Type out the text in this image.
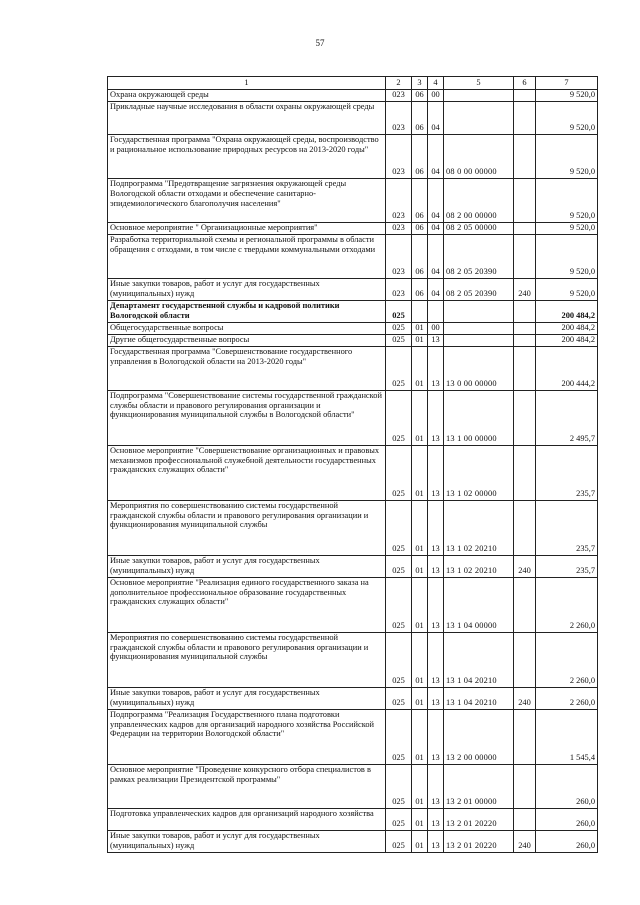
57
1	2	3	4	5	6	7
Охрана окружающей среды	023	06	00			9 520,0
Прикладные научные исследования в области охраны окружающей среды	023	06	04			9 520,0
Государственная программа "Охрана окружающей среды, воспроизводство и рациональное использование природных ресурсов на 2013-2020 годы"	023	06	04	08 0 00 00000		9 520,0
Подпрограмма "Предотвращение загрязнения окружающей среды Вологодской области отходами и обеспечение санитарно-эпидемиологического благополучия населения"	023	06	04	08 2 00 00000		9 520,0
Основное мероприятие " Организационные мероприятия"	023	06	04	08 2 05 00000		9 520,0
Разработка территориальной схемы и региональной программы в области обращения с отходами, в том числе с твердыми коммунальными отходами	023	06	04	08 2 05 20390		9 520,0
Иные закупки товаров, работ и услуг для государственных (муниципальных) нужд	023	06	04	08 2 05 20390	240	9 520,0
Департамент государственной службы и кадровой политики Вологодской области	025					200 484,2
Общегосударственные вопросы	025	01	00			200 484,2
Другие общегосударственные вопросы	025	01	13			200 484,2
Государственная программа "Совершенствование государственного управления в Вологодской области на 2013-2020 годы"	025	01	13	13 0 00 00000		200 444,2
Подпрограмма "Совершенствование системы государственной гражданской службы области и правового регулирования организации и функционирования муниципальной службы в Вологодской области"	025	01	13	13 1 00 00000		2 495,7
Основное мероприятие "Совершенствование организационных и правовых механизмов профессиональной служебной деятельности государственных гражданских служащих области"	025	01	13	13 1 02 00000		235,7
Мероприятия по совершенствованию системы государственной гражданской службы области и правового регулирования организации и функционирования муниципальной службы	025	01	13	13 1 02 20210		235,7
Иные закупки товаров, работ и услуг для государственных (муниципальных) нужд	025	01	13	13 1 02 20210	240	235,7
Основное мероприятие "Реализация единого государственного заказа на дополнительное профессиональное образование государственных гражданских служащих области"	025	01	13	13 1 04 00000		2 260,0
Мероприятия по совершенствованию системы государственной гражданской службы области и правового регулирования организации и функционирования муниципальной службы	025	01	13	13 1 04 20210		2 260,0
Иные закупки товаров, работ и услуг для государственных (муниципальных) нужд	025	01	13	13 1 04 20210	240	2 260,0
Подпрограмма "Реализация Государственного плана подготовки управленческих кадров для организаций народного хозяйства Российской Федерации на территории Вологодской области"	025	01	13	13 2 00 00000		1 545,4
Основное мероприятие "Проведение конкурсного отбора специалистов в рамках реализации Президентской программы"	025	01	13	13 2 01 00000		260,0
Подготовка управленческих кадров для организаций народного хозяйства	025	01	13	13 2 01 20220		260,0
Иные закупки товаров, работ и услуг для государственных (муниципальных) нужд	025	01	13	13 2 01 20220	240	260,0
